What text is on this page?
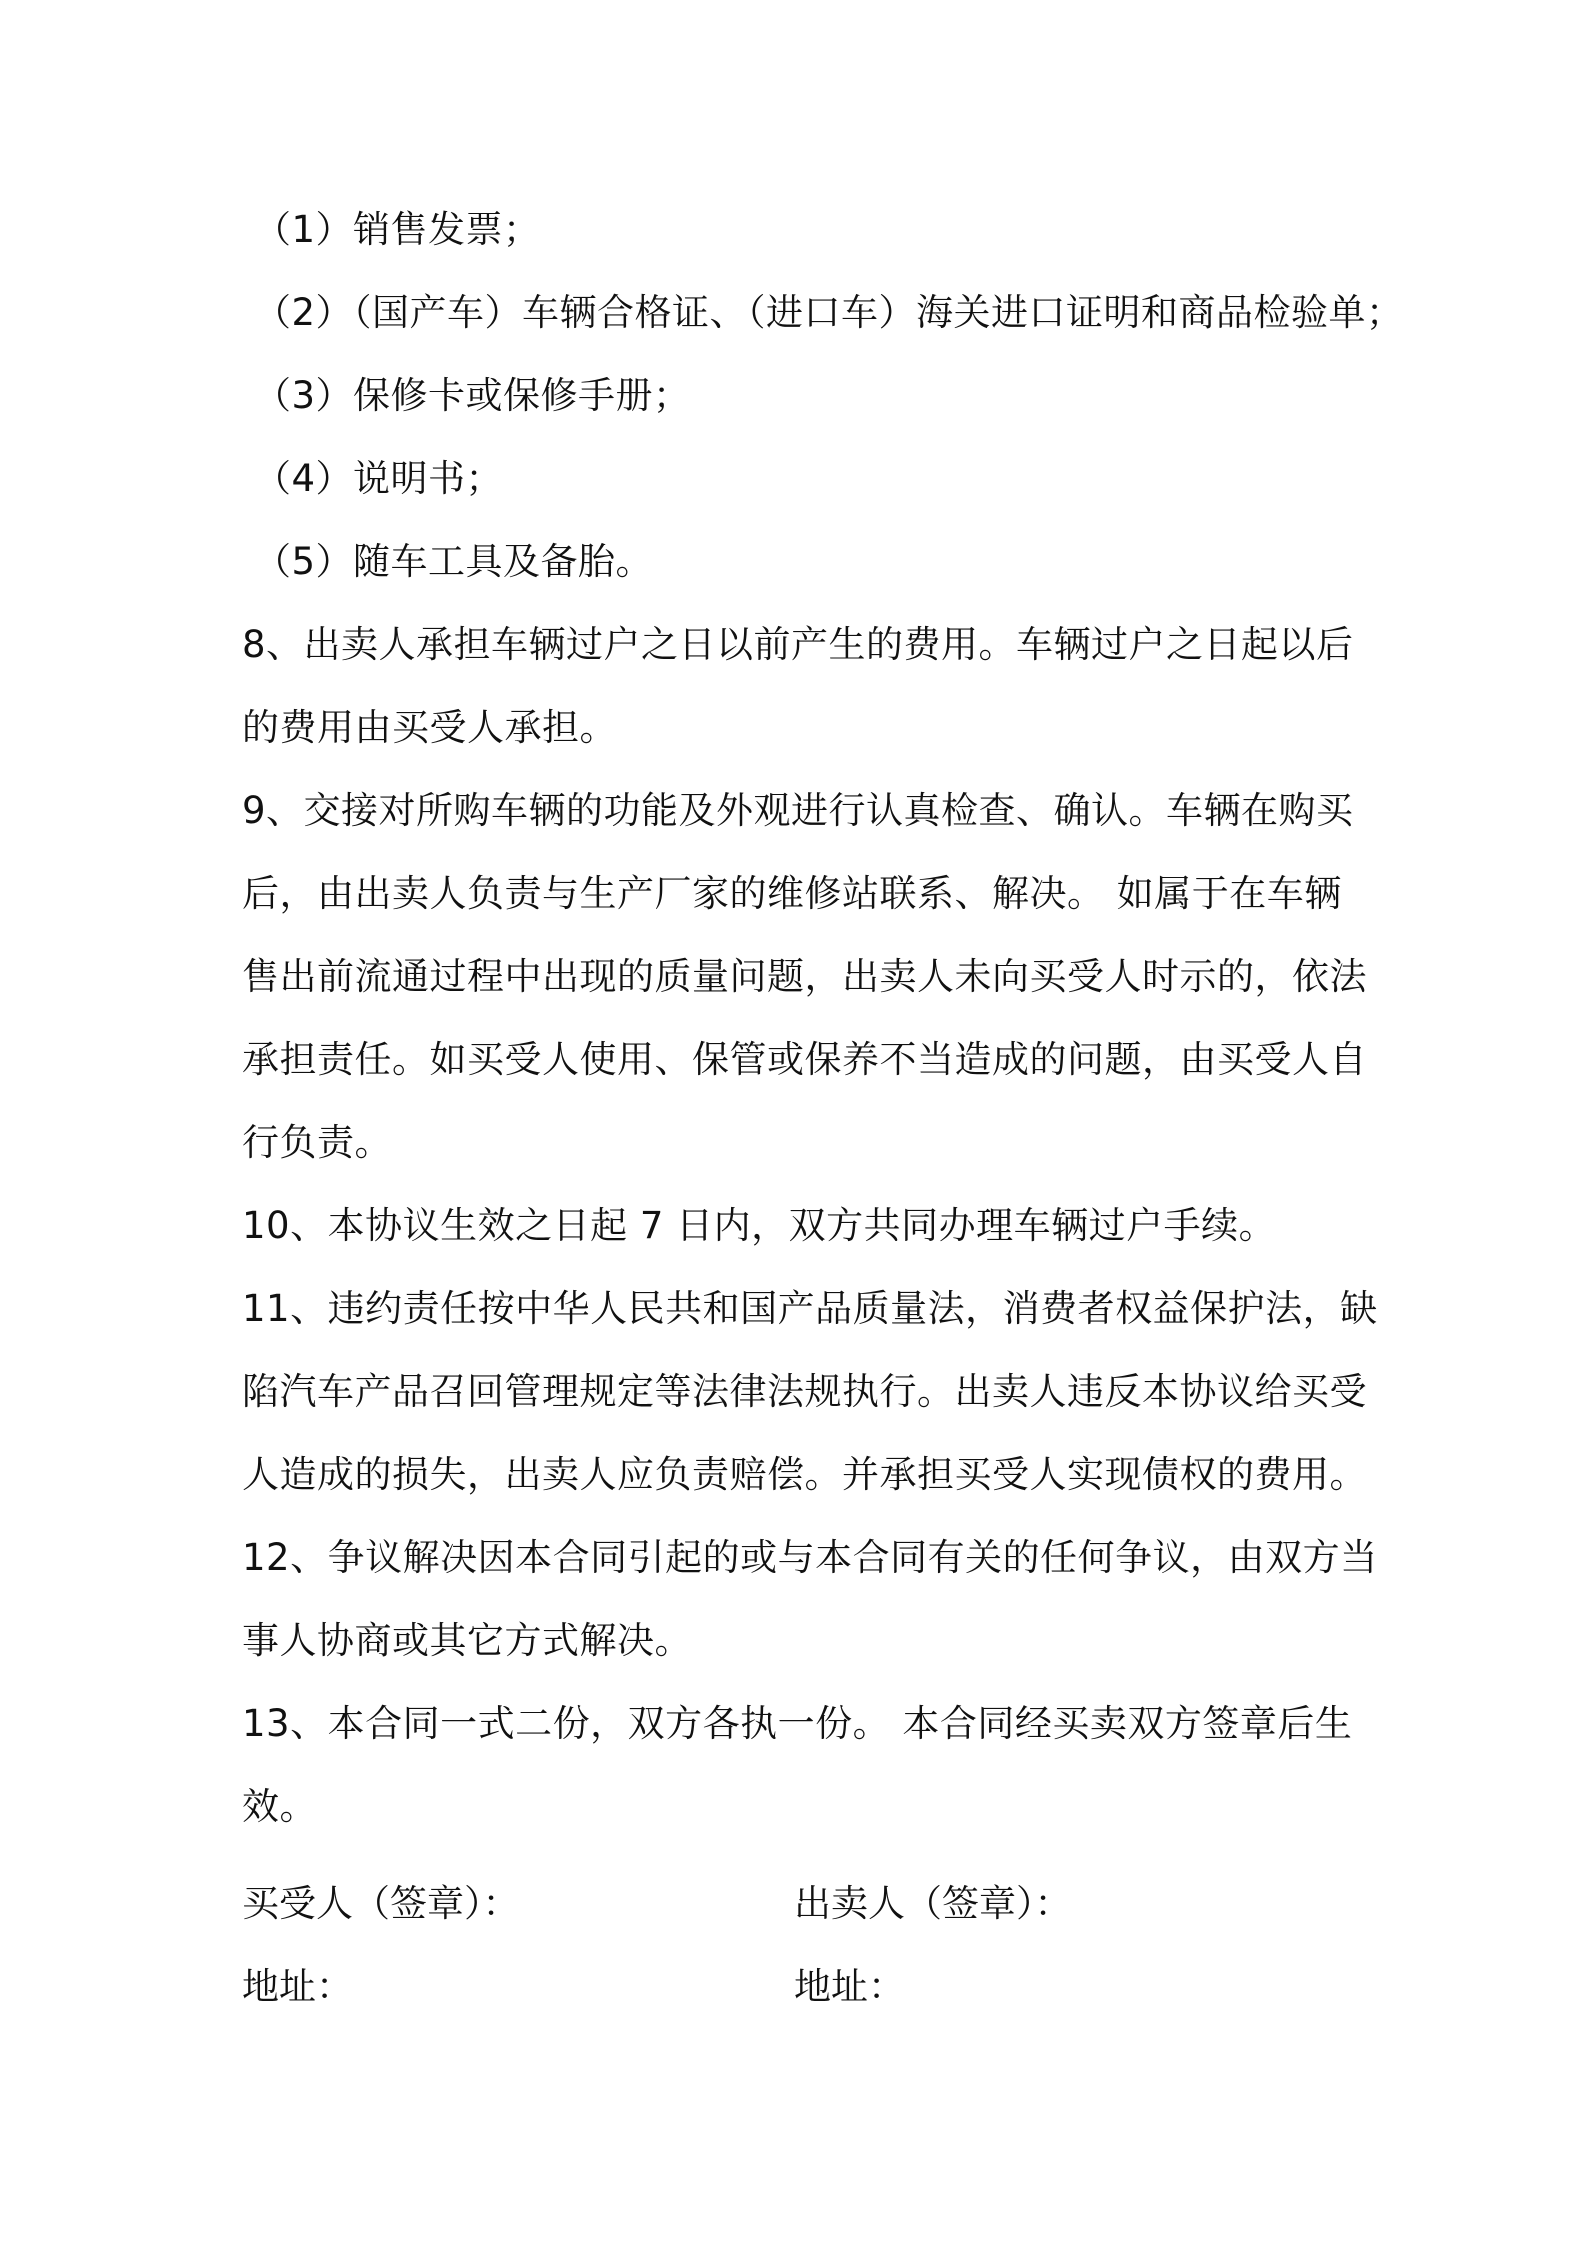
（1）销售发票；
（2）（国产车）车辆合格证、（进口车）海关进口证明和商品检验单；
（3）保修卡或保修手册；
（4）说明书；
（5）随车工具及备胎。
8、出卖人承担车辆过户之日以前产生的费用。车辆过户之日起以后
的费用由买受人承担。
9、交接对所购车辆的功能及外观进行认真检查、确认。车辆在购买
后，由出卖人负责与生产厂家的维修站联系、解决。 如属于在车辆
售出前流通过程中出现的质量问题，出卖人未向买受人时示的，依法
承担责任。如买受人使用、保管或保养不当造成的问题，由买受人自
行负责。
10、本协议生效之日起 7 日内，双方共同办理车辆过户手续。
11、违约责任按中华人民共和国产品质量法，消费者权益保护法，缺
陷汽车产品召回管理规定等法律法规执行。出卖人违反本协议给买受
人造成的损失，出卖人应负责赔偿。并承担买受人实现债权的费用。
12、争议解决因本合同引起的或与本合同有关的任何争议，由双方当
事人协商或其它方式解决。
13、本合同一式二份，双方各执一份。 本合同经买卖双方签章后生
效。
买受人（签章）：	出卖人（签章）：
地址：	地址：
